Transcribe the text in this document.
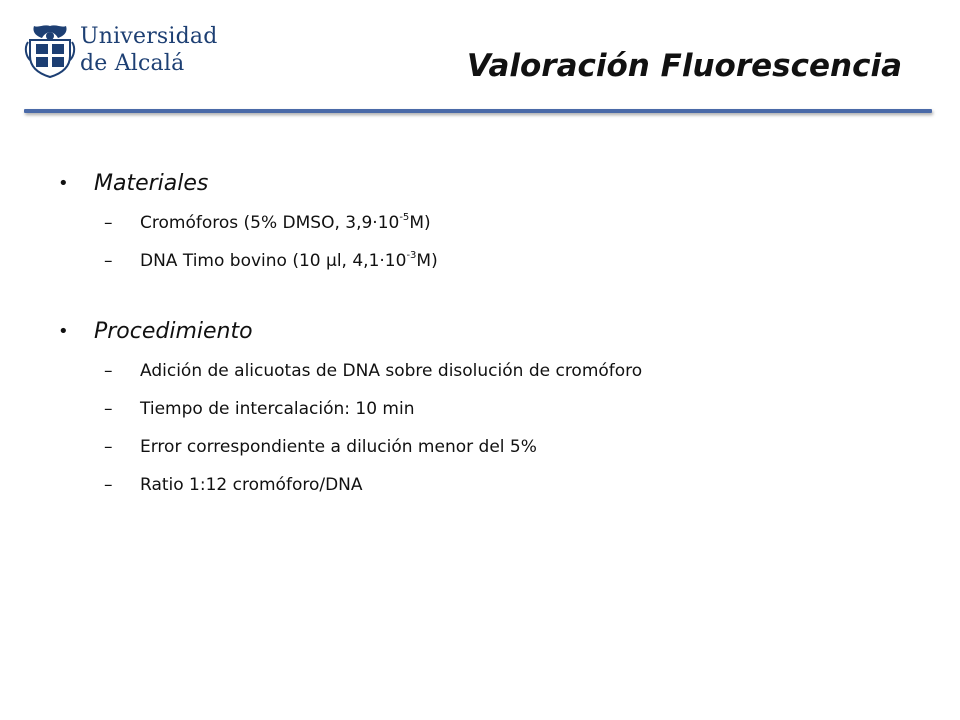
Universidad
de Alcalá	Valoración Fluorescencia
• Materiales
– Cromóforos (5% DMSO, $3,9\cdot 10^{-5}M$)
– DNA Timo bovino (10 µl, $4,1\cdot 10^{-3}M$)
• Procedimiento
– Adición de alicuotas de DNA sobre disolución de cromóforo
– Tiempo de intercalación: 10 min
– Error correspondiente a dilución menor del 5%
– Ratio 1:12 cromóforo/DNA
